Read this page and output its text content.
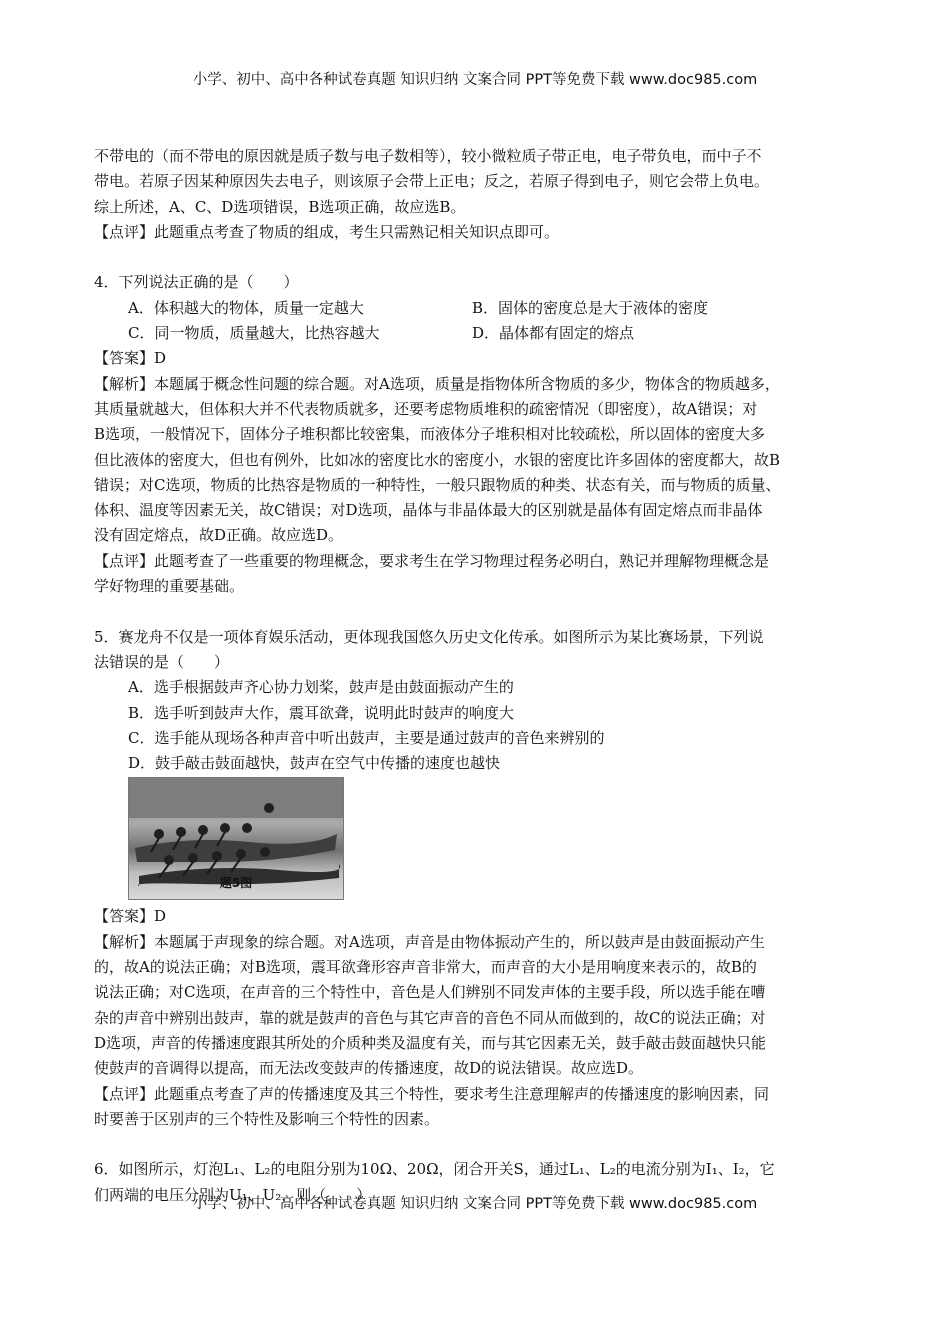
小学、初中、高中各种试卷真题 知识归纳 文案合同 PPT等免费下载 www.doc985.com
不带电的（而不带电的原因就是质子数与电子数相等），较小微粒质子带正电，电子带负电，而中子不
带电。若原子因某种原因失去电子，则该原子会带上正电；反之，若原子得到电子，则它会带上负电。
综上所述，A、C、D选项错误，B选项正确，故应选B。
【点评】此题重点考查了物质的组成，考生只需熟记相关知识点即可。
4．下列说法正确的是（　　）
A．体积越大的物体，质量一定越大	B．固体的密度总是大于液体的密度
C．同一物质，质量越大，比热容越大	D．晶体都有固定的熔点
【答案】D
【解析】本题属于概念性问题的综合题。对A选项，质量是指物体所含物质的多少，物体含的物质越多，
其质量就越大，但体积大并不代表物质就多，还要考虑物质堆积的疏密情况（即密度），故A错误；对
B选项，一般情况下，固体分子堆积都比较密集，而液体分子堆积相对比较疏松，所以固体的密度大多
但比液体的密度大，但也有例外，比如冰的密度比水的密度小，水银的密度比许多固体的密度都大，故B
错误；对C选项，物质的比热容是物质的一种特性，一般只跟物质的种类、状态有关，而与物质的质量、
体积、温度等因素无关，故C错误；对D选项，晶体与非晶体最大的区别就是晶体有固定熔点而非晶体
没有固定熔点，故D正确。故应选D。
【点评】此题考查了一些重要的物理概念，要求考生在学习物理过程务必明白，熟记并理解物理概念是
学好物理的重要基础。
5．赛龙舟不仅是一项体育娱乐活动，更体现我国悠久历史文化传承。如图所示为某比赛场景，下列说
法错误的是（　　）
A．选手根据鼓声齐心协力划桨，鼓声是由鼓面振动产生的
B．选手听到鼓声大作，震耳欲聋，说明此时鼓声的响度大
C．选手能从现场各种声音中听出鼓声，主要是通过鼓声的音色来辨别的
D．鼓手敲击鼓面越快，鼓声在空气中传播的速度也越快
题5图
【答案】D
【解析】本题属于声现象的综合题。对A选项，声音是由物体振动产生的，所以鼓声是由鼓面振动产生
的，故A的说法正确；对B选项，震耳欲聋形容声音非常大，而声音的大小是用响度来表示的，故B的
说法正确；对C选项，在声音的三个特性中，音色是人们辨别不同发声体的主要手段，所以选手能在嘈
杂的声音中辨别出鼓声，靠的就是鼓声的音色与其它声音的音色不同从而做到的，故C的说法正确；对
D选项，声音的传播速度跟其所处的介质种类及温度有关，而与其它因素无关，鼓手敲击鼓面越快只能
使鼓声的音调得以提高，而无法改变鼓声的传播速度，故D的说法错误。故应选D。
【点评】此题重点考查了声的传播速度及其三个特性，要求考生注意理解声的传播速度的影响因素，同
时要善于区别声的三个特性及影响三个特性的因素。
6．如图所示，灯泡L₁、L₂的电阻分别为10Ω、20Ω，闭合开关S，通过L₁、L₂的电流分别为I₁、I₂，它
们两端的电压分别为U₁、U₂，则（　　）
小学、初中、高中各种试卷真题 知识归纳 文案合同 PPT等免费下载 www.doc985.com
